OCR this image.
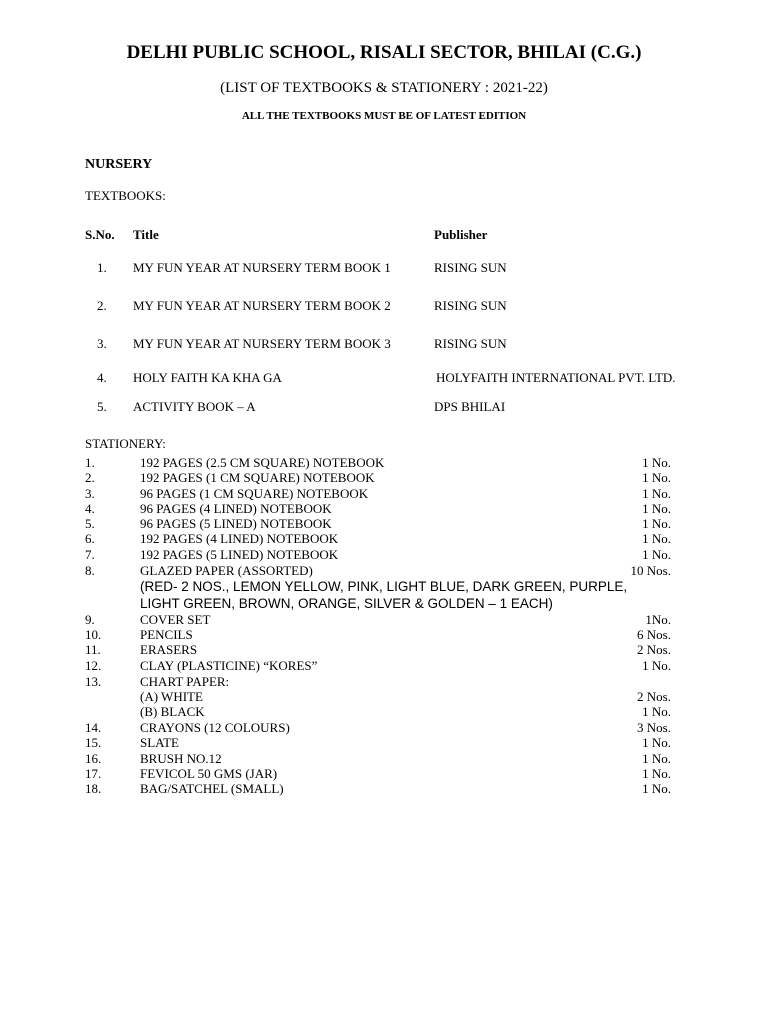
DELHI PUBLIC SCHOOL, RISALI SECTOR, BHILAI (C.G.)
(LIST OF TEXTBOOKS & STATIONERY : 2021-22)
ALL THE TEXTBOOKS MUST BE OF LATEST EDITION
NURSERY
TEXTBOOKS:
S.No. Title	Publisher
1. MY FUN YEAR AT NURSERY TERM BOOK 1	RISING SUN
2. MY FUN YEAR AT NURSERY TERM BOOK 2	RISING SUN
3. MY FUN YEAR AT NURSERY TERM BOOK 3	RISING SUN
4. HOLY FAITH KA KHA GA	HOLYFAITH INTERNATIONAL PVT. LTD.
5. ACTIVITY BOOK – A	DPS BHILAI
STATIONERY:
1.	192 PAGES (2.5 CM SQUARE) NOTEBOOK	1 No.
2.	192 PAGES (1 CM SQUARE) NOTEBOOK	1 No.
3.	96 PAGES (1 CM SQUARE) NOTEBOOK	1 No.
4.	96 PAGES (4 LINED) NOTEBOOK	1 No.
5.	96 PAGES (5 LINED) NOTEBOOK	1 No.
6.	192 PAGES (4 LINED) NOTEBOOK	1 No.
7.	192 PAGES (5 LINED) NOTEBOOK	1 No.
8.	GLAZED PAPER (ASSORTED)	10 Nos.
(RED- 2 NOS., LEMON YELLOW, PINK, LIGHT BLUE, DARK GREEN, PURPLE,
LIGHT GREEN, BROWN, ORANGE, SILVER & GOLDEN – 1 EACH)
9.	COVER SET	1No.
10.	PENCILS	6 Nos.
11.	ERASERS	2 Nos.
12.	CLAY (PLASTICINE) “KORES”	1 No.
13.	CHART PAPER:
(A) WHITE	2 Nos.
(B) BLACK	1 No.
14.	CRAYONS (12 COLOURS)	3 Nos.
15.	SLATE	1 No.
16.	BRUSH NO.12	1 No.
17.	FEVICOL 50 GMS (JAR)	1 No.
18.	BAG/SATCHEL (SMALL)	1 No.
